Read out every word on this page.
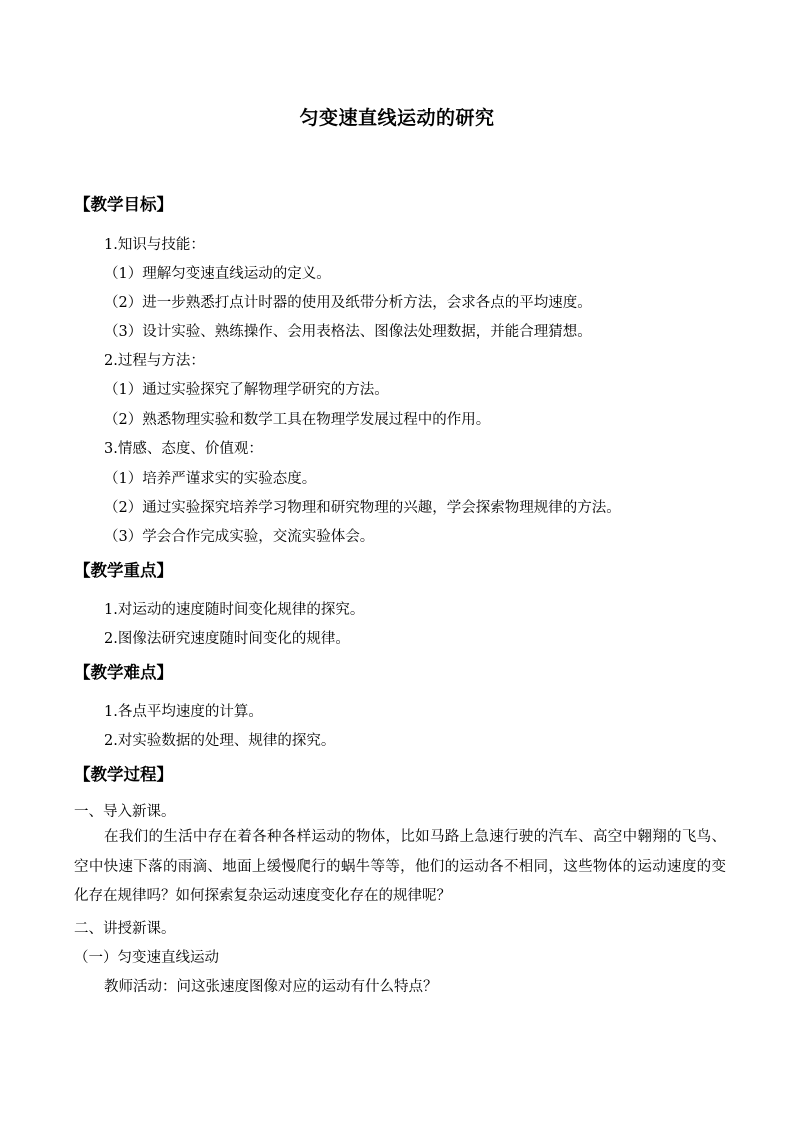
匀变速直线运动的研究
【教学目标】
1.知识与技能：
（1）理解匀变速直线运动的定义。
（2）进一步熟悉打点计时器的使用及纸带分析方法，会求各点的平均速度。
（3）设计实验、熟练操作、会用表格法、图像法处理数据，并能合理猜想。
2.过程与方法：
（1）通过实验探究了解物理学研究的方法。
（2）熟悉物理实验和数学工具在物理学发展过程中的作用。
3.情感、态度、价值观：
（1）培养严谨求实的实验态度。
（2）通过实验探究培养学习物理和研究物理的兴趣，学会探索物理规律的方法。
（3）学会合作完成实验，交流实验体会。
【教学重点】
1.对运动的速度随时间变化规律的探究。
2.图像法研究速度随时间变化的规律。
【教学难点】
1.各点平均速度的计算。
2.对实验数据的处理、规律的探究。
【教学过程】
一、导入新课。
在我们的生活中存在着各种各样运动的物体，比如马路上急速行驶的汽车、高空中翱翔的飞鸟、空中快速下落的雨滴、地面上缓慢爬行的蜗牛等等，他们的运动各不相同，这些物体的运动速度的变化存在规律吗？如何探索复杂运动速度变化存在的规律呢？
二、讲授新课。
（一）匀变速直线运动
教师活动：问这张速度图像对应的运动有什么特点？
